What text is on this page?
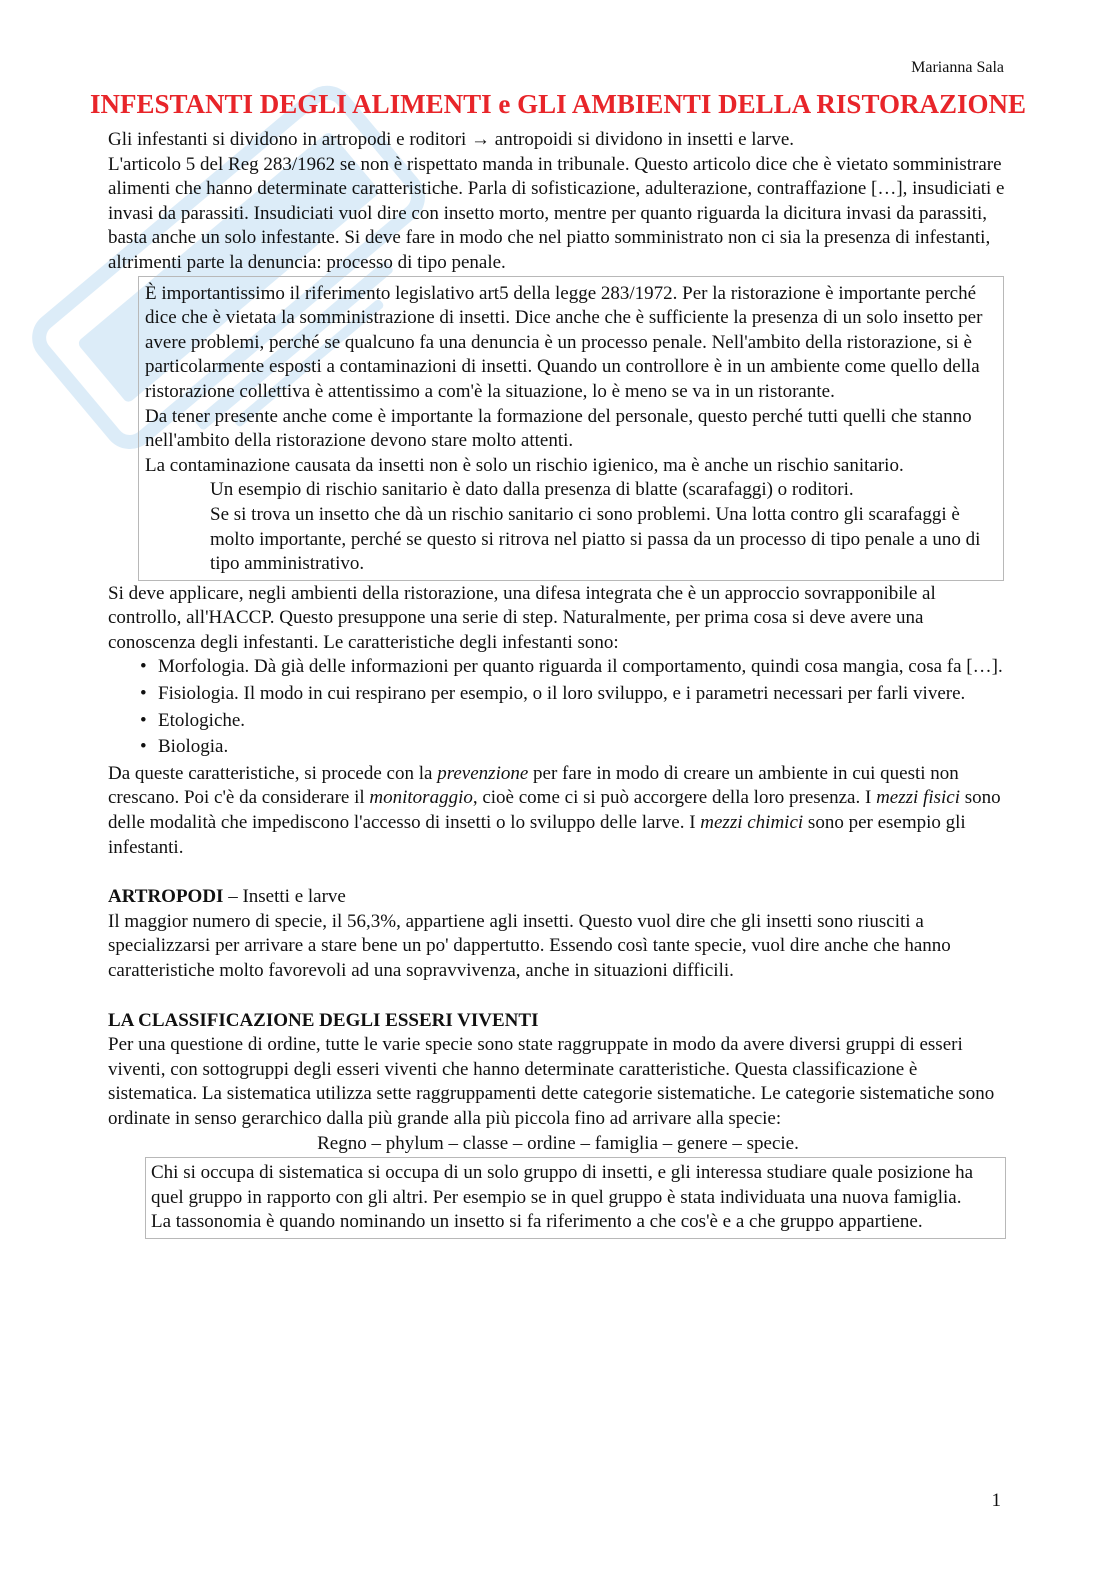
Marianna Sala
INFESTANTI DEGLI ALIMENTI e GLI AMBIENTI DELLA RISTORAZIONE

Gli infestanti si dividono in artropodi e roditori → antropoidi si dividono in insetti e larve.

L'articolo 5 del Reg 283/1962 se non è rispettato manda in tribunale. Questo articolo dice che è vietato somministrare alimenti che hanno determinate caratteristiche. Parla di sofisticazione, adulterazione, contraffazione […], insudiciati e invasi da parassiti. Insudiciati vuol dire con insetto morto, mentre per quanto riguarda la dicitura invasi da parassiti, basta anche un solo infestante. Si deve fare in modo che nel piatto somministrato non ci sia la presenza di infestanti, altrimenti parte la denuncia: processo di tipo penale.

È importantissimo il riferimento legislativo art5 della legge 283/1972. Per la ristorazione è importante perché dice che è vietata la somministrazione di insetti. Dice anche che è sufficiente la presenza di un solo insetto per avere problemi, perché se qualcuno fa una denuncia è un processo penale. Nell'ambito della ristorazione, si è particolarmente esposti a contaminazioni di insetti. Quando un controllore è in un ambiente come quello della ristorazione collettiva è attentissimo a com'è la situazione, lo è meno se va in un ristorante.

Da tener presente anche come è importante la formazione del personale, questo perché tutti quelli che stanno nell'ambito della ristorazione devono stare molto attenti.

La contaminazione causata da insetti non è solo un rischio igienico, ma è anche un rischio sanitario.

Un esempio di rischio sanitario è dato dalla presenza di blatte (scarafaggi) o roditori.

Se si trova un insetto che dà un rischio sanitario ci sono problemi. Una lotta contro gli scarafaggi è molto importante, perché se questo si ritrova nel piatto si passa da un processo di tipo penale a uno di tipo amministrativo.

Si deve applicare, negli ambienti della ristorazione, una difesa integrata che è un approccio sovrapponibile al controllo, all'HACCP. Questo presuppone una serie di step. Naturalmente, per prima cosa si deve avere una conoscenza degli infestanti. Le caratteristiche degli infestanti sono:

• Morfologia. Dà già delle informazioni per quanto riguarda il comportamento, quindi cosa mangia, cosa fa […].
• Fisiologia. Il modo in cui respirano per esempio, o il loro sviluppo, e i parametri necessari per farli vivere.
• Etologiche.
• Biologia.

Da queste caratteristiche, si procede con la prevenzione per fare in modo di creare un ambiente in cui questi non crescano. Poi c'è da considerare il monitoraggio, cioè come ci si può accorgere della loro presenza. I mezzi fisici sono delle modalità che impediscono l'accesso di insetti o lo sviluppo delle larve. I mezzi chimici sono per esempio gli infestanti.

ARTROPODI – Insetti e larve

Il maggior numero di specie, il 56,3%, appartiene agli insetti. Questo vuol dire che gli insetti sono riusciti a specializzarsi per arrivare a stare bene un po' dappertutto. Essendo così tante specie, vuol dire anche che hanno caratteristiche molto favorevoli ad una sopravvivenza, anche in situazioni difficili.

LA CLASSIFICAZIONE DEGLI ESSERI VIVENTI

Per una questione di ordine, tutte le varie specie sono state raggruppate in modo da avere diversi gruppi di esseri viventi, con sottogruppi degli esseri viventi che hanno determinate caratteristiche. Questa classificazione è sistematica. La sistematica utilizza sette raggruppamenti dette categorie sistematiche. Le categorie sistematiche sono ordinate in senso gerarchico dalla più grande alla più piccola fino ad arrivare alla specie:

Regno – phylum – classe – ordine – famiglia – genere – specie.

Chi si occupa di sistematica si occupa di un solo gruppo di insetti, e gli interessa studiare quale posizione ha quel gruppo in rapporto con gli altri. Per esempio se in quel gruppo è stata individuata una nuova famiglia.

La tassonomia è quando nominando un insetto si fa riferimento a che cos'è e a che gruppo appartiene.

1
